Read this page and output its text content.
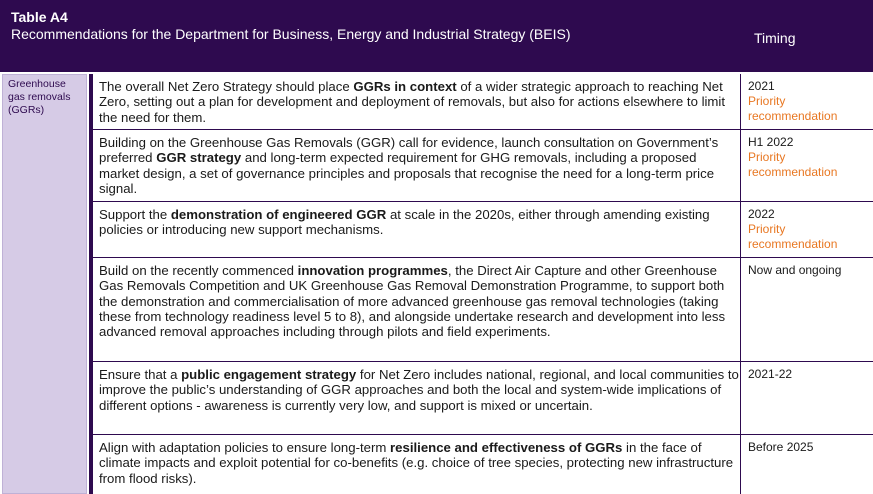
Table A4
Recommendations for the Department for Business, Energy and Industrial Strategy (BEIS)	Timing
Greenhouse gas removals (GGRs)
The overall Net Zero Strategy should place GGRs in context of a wider strategic approach to reaching Net Zero, setting out a plan for development and deployment of removals, but also for actions elsewhere to limit the need for them.
2021
Priority recommendation
Building on the Greenhouse Gas Removals (GGR) call for evidence, launch consultation on Government’s preferred GGR strategy and long-term expected requirement for GHG removals, including a proposed market design, a set of governance principles and proposals that recognise the need for a long-term price signal.
H1 2022
Priority recommendation
Support the demonstration of engineered GGR at scale in the 2020s, either through amending existing policies or introducing new support mechanisms.
2022
Priority recommendation
Build on the recently commenced innovation programmes, the Direct Air Capture and other Greenhouse Gas Removals Competition and UK Greenhouse Gas Removal Demonstration Programme, to support both the demonstration and commercialisation of more advanced greenhouse gas removal technologies (taking these from technology readiness level 5 to 8), and alongside undertake research and development into less advanced removal approaches including through pilots and field experiments.
Now and ongoing
Ensure that a public engagement strategy for Net Zero includes national, regional, and local communities to improve the public’s understanding of GGR approaches and both the local and system-wide implications of different options - awareness is currently very low, and support is mixed or uncertain.
2021-22
Align with adaptation policies to ensure long-term resilience and effectiveness of GGRs in the face of climate impacts and exploit potential for co-benefits (e.g. choice of tree species, protecting new infrastructure from flood risks).
Before 2025
